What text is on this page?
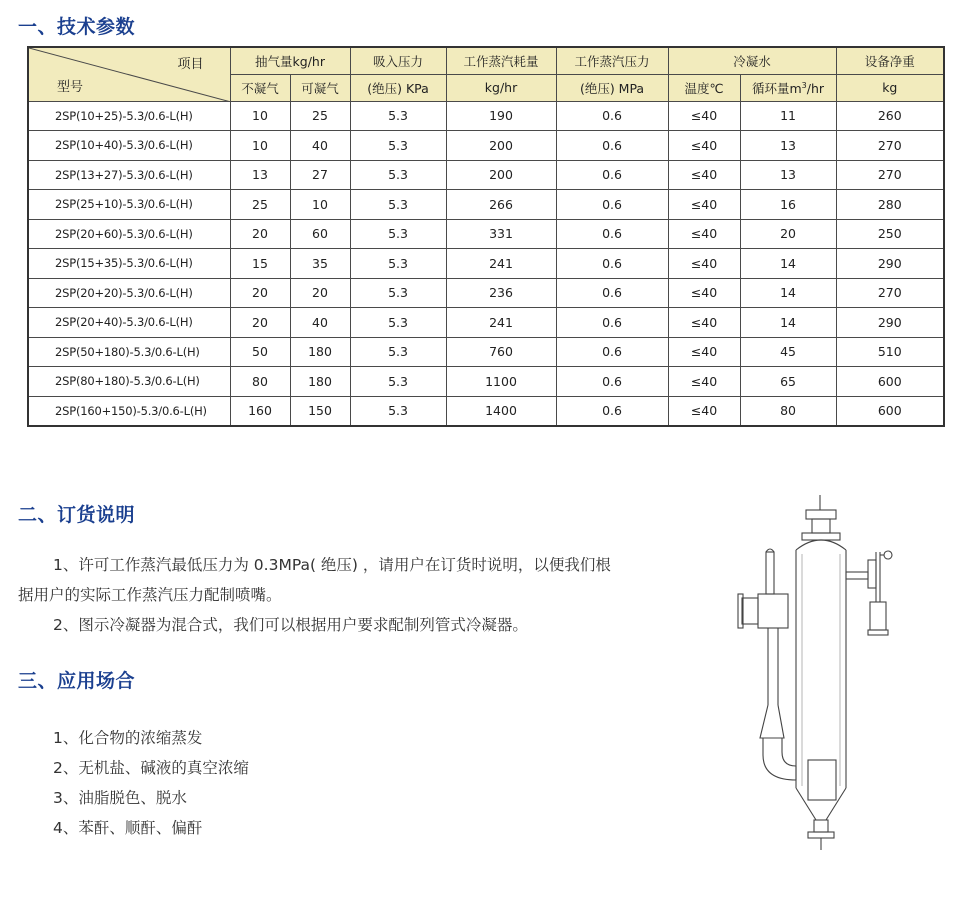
一、技术参数
项目
型号	抽气量kg/hr		吸入压力	工作蒸汽耗量	工作蒸汽压力	冷凝水		设备净重
	不凝气	可凝气	(绝压) KPa	kg/hr	(绝压) MPa	温度℃	循环量$m^3/hr$	kg
2SP(10+25)-5.3/0.6-L(H)	10	25	5.3	190	0.6	≤40	11	260
2SP(10+40)-5.3/0.6-L(H)	10	40	5.3	200	0.6	≤40	13	270
2SP(13+27)-5.3/0.6-L(H)	13	27	5.3	200	0.6	≤40	13	270
2SP(25+10)-5.3/0.6-L(H)	25	10	5.3	266	0.6	≤40	16	280
2SP(20+60)-5.3/0.6-L(H)	20	60	5.3	331	0.6	≤40	20	250
2SP(15+35)-5.3/0.6-L(H)	15	35	5.3	241	0.6	≤40	14	290
2SP(20+20)-5.3/0.6-L(H)	20	20	5.3	236	0.6	≤40	14	270
2SP(20+40)-5.3/0.6-L(H)	20	40	5.3	241	0.6	≤40	14	290
2SP(50+180)-5.3/0.6-L(H)	50	180	5.3	760	0.6	≤40	45	510
2SP(80+180)-5.3/0.6-L(H)	80	180	5.3	1100	0.6	≤40	65	600
2SP(160+150)-5.3/0.6-L(H)	160	150	5.3	1400	0.6	≤40	80	600
二、订货说明
1、许可工作蒸汽最低压力为 0.3MPa( 绝压) ，请用户在订货时说明，以便我们根
据用户的实际工作蒸汽压力配制喷嘴。
2、图示冷凝器为混合式，我们可以根据用户要求配制列管式冷凝器。
三、应用场合
1、化合物的浓缩蒸发
2、无机盐、碱液的真空浓缩
3、油脂脱色、脱水
4、苯酐、顺酐、偏酐
